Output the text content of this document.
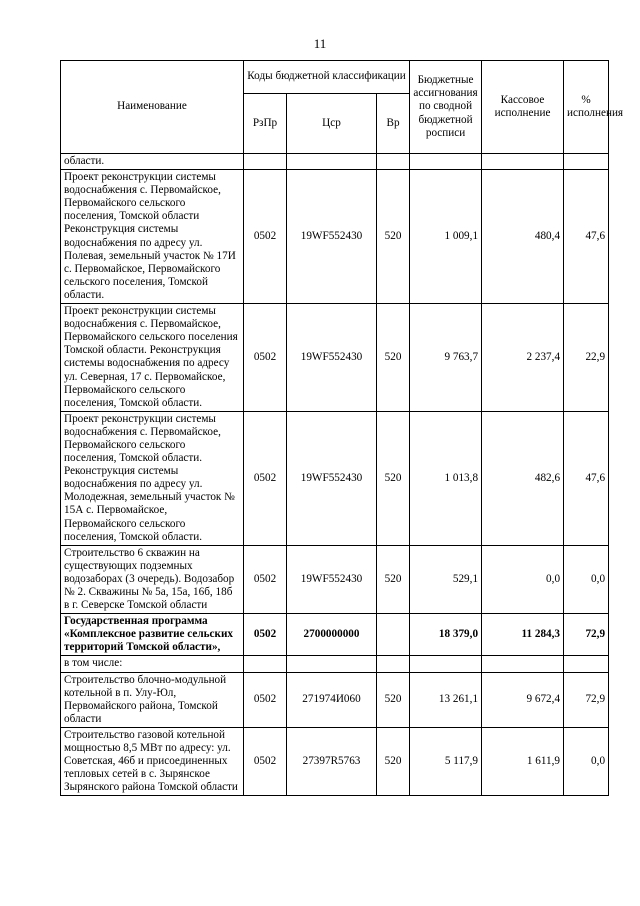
11
Наименование	Коды бюджетной классификации			Бюджетные ассигнования по сводной бюджетной росписи	Кассовое исполнение	% исполнения
	РзПр	Цср	Вр			
области.						
Проект реконструкции системы водоснабжения с. Первомайское, Первомайского сельского поселения, Томской области Реконструкция системы водоснабжения по адресу ул. Полевая, земельный участок № 17И с. Первомайское, Первомайского сельского поселения, Томской области.	0502	19WF552430	520	1 009,1	480,4	47,6
Проект реконструкции системы водоснабжения с. Первомайское, Первомайского сельского поселения Томской области. Реконструкция системы водоснабжения по адресу ул. Северная, 17 с. Первомайское, Первомайского сельского поселения, Томской области.	0502	19WF552430	520	9 763,7	2 237,4	22,9
Проект реконструкции системы водоснабжения с. Первомайское, Первомайского сельского поселения, Томской области. Реконструкция системы водоснабжения по адресу ул. Молодежная, земельный участок № 15А с. Первомайское, Первомайского сельского поселения, Томской области.	0502	19WF552430	520	1 013,8	482,6	47,6
Строительство 6 скважин на существующих подземных водозаборах (3 очередь). Водозабор № 2. Скважины № 5а, 15а, 16б, 18б в г. Северске Томской области	0502	19WF552430	520	529,1	0,0	0,0
Государственная программа «Комплексное развитие сельских территорий Томской области»,	0502	2700000000		18 379,0	11 284,3	72,9
в том числе:						
Строительство блочно-модульной котельной в п. Улу-Юл, Первомайского района, Томской области	0502	271974И060	520	13 261,1	9 672,4	72,9
Строительство газовой котельной мощностью 8,5 МВт по адресу: ул. Советская, 46б и присоединенных тепловых сетей в с. Зырянское Зырянского района Томской области	0502	27397R5763	520	5 117,9	1 611,9	0,0
